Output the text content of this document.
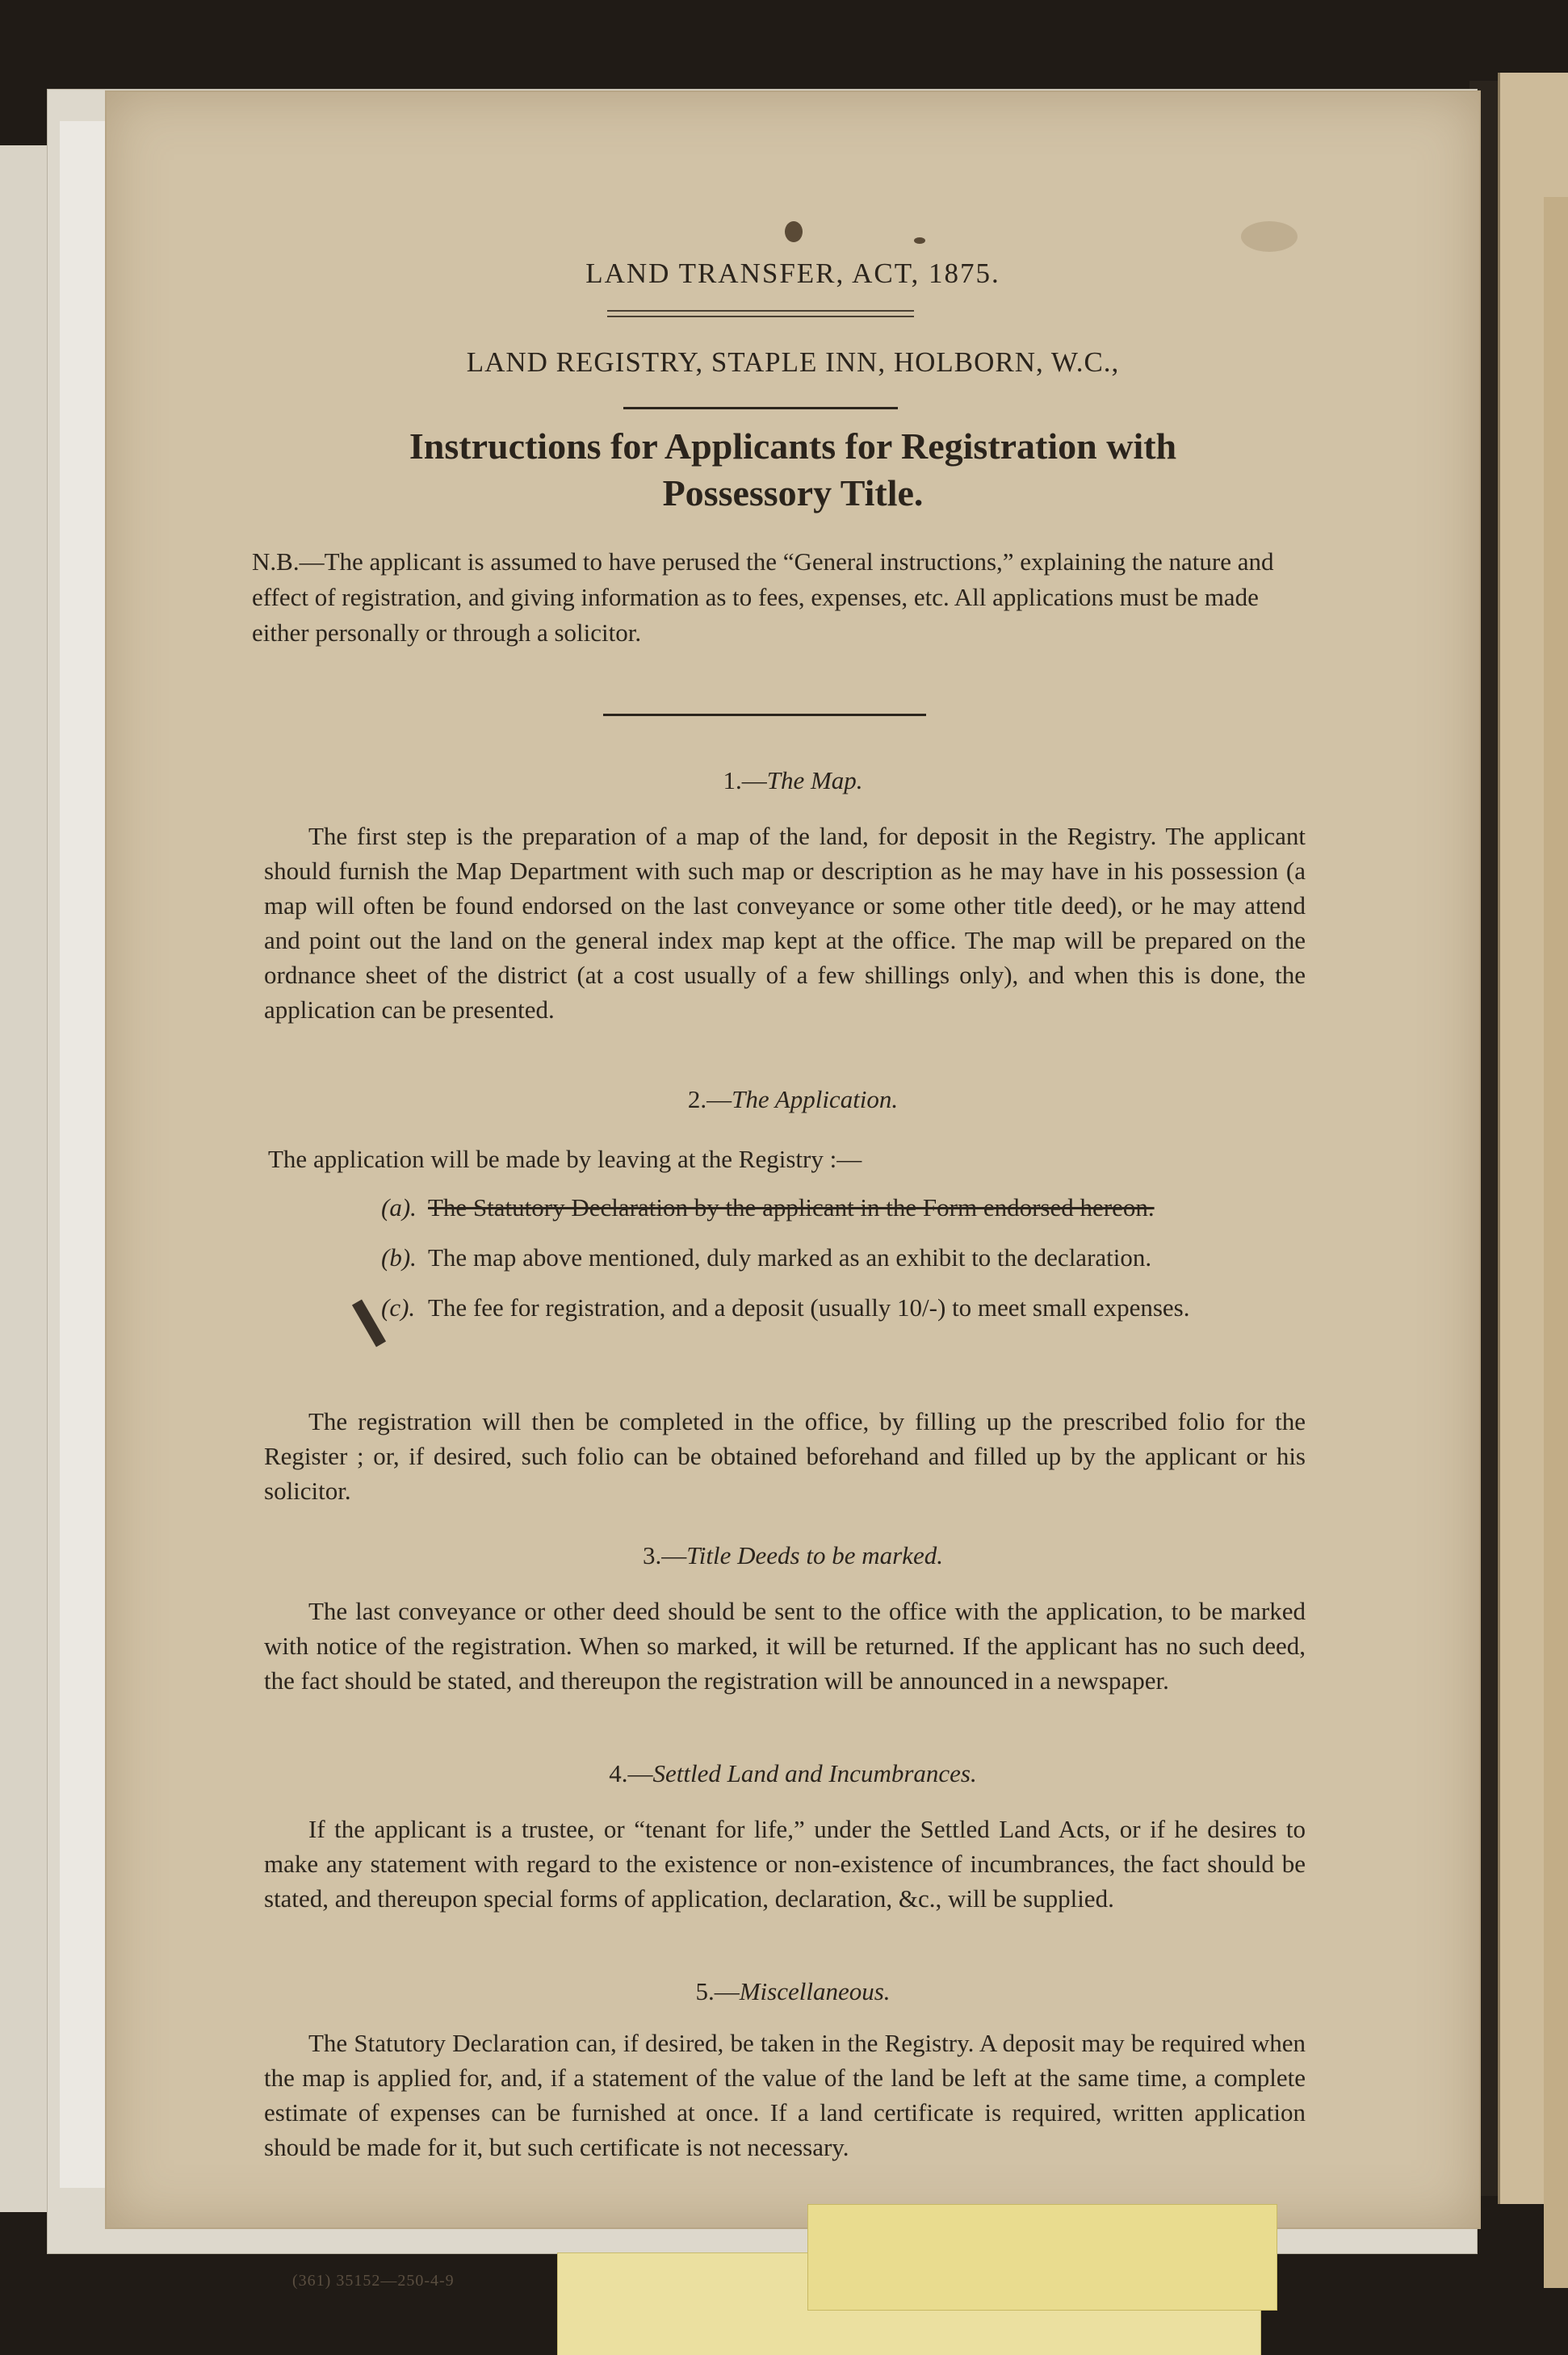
LAND TRANSFER, ACT, 1875.
LAND REGISTRY, STAPLE INN, HOLBORN, W.C.,
Instructions for Applicants for Registration with
Possessory Title.
N.B.—The applicant is assumed to have perused the “General instructions,” explaining the nature and effect of registration, and giving information as to fees, expenses, etc. All applications must be made either personally or through a solicitor.
1.—The Map.
The first step is the preparation of a map of the land, for deposit in the Registry. The applicant should furnish the Map Department with such map or description as he may have in his possession (a map will often be found endorsed on the last conveyance or some other title deed), or he may attend and point out the land on the general index map kept at the office. The map will be prepared on the ordnance sheet of the district (at a cost usually of a few shillings only), and when this is done, the application can be presented.
2.—The Application.
The application will be made by leaving at the Registry :—
(a). The Statutory Declaration by the applicant in the Form endorsed hereon.
(b). The map above mentioned, duly marked as an exhibit to the declaration.
(c). The fee for registration, and a deposit (usually 10/-) to meet small expenses.
The registration will then be completed in the office, by filling up the prescribed folio for the Register ; or, if desired, such folio can be obtained beforehand and filled up by the applicant or his solicitor.
3.—Title Deeds to be marked.
The last conveyance or other deed should be sent to the office with the application, to be marked with notice of the registration. When so marked, it will be returned. If the applicant has no such deed, the fact should be stated, and thereupon the registration will be announced in a newspaper.
4.—Settled Land and Incumbrances.
If the applicant is a trustee, or “tenant for life,” under the Settled Land Acts, or if he desires to make any statement with regard to the existence or non-existence of incumbrances, the fact should be stated, and thereupon special forms of application, declaration, &c., will be supplied.
5.—Miscellaneous.
The Statutory Declaration can, if desired, be taken in the Registry. A deposit may be required when the map is applied for, and, if a statement of the value of the land be left at the same time, a complete estimate of expenses can be furnished at once. If a land certificate is required, written application should be made for it, but such certificate is not necessary.
(361) 35152—250-4-9
